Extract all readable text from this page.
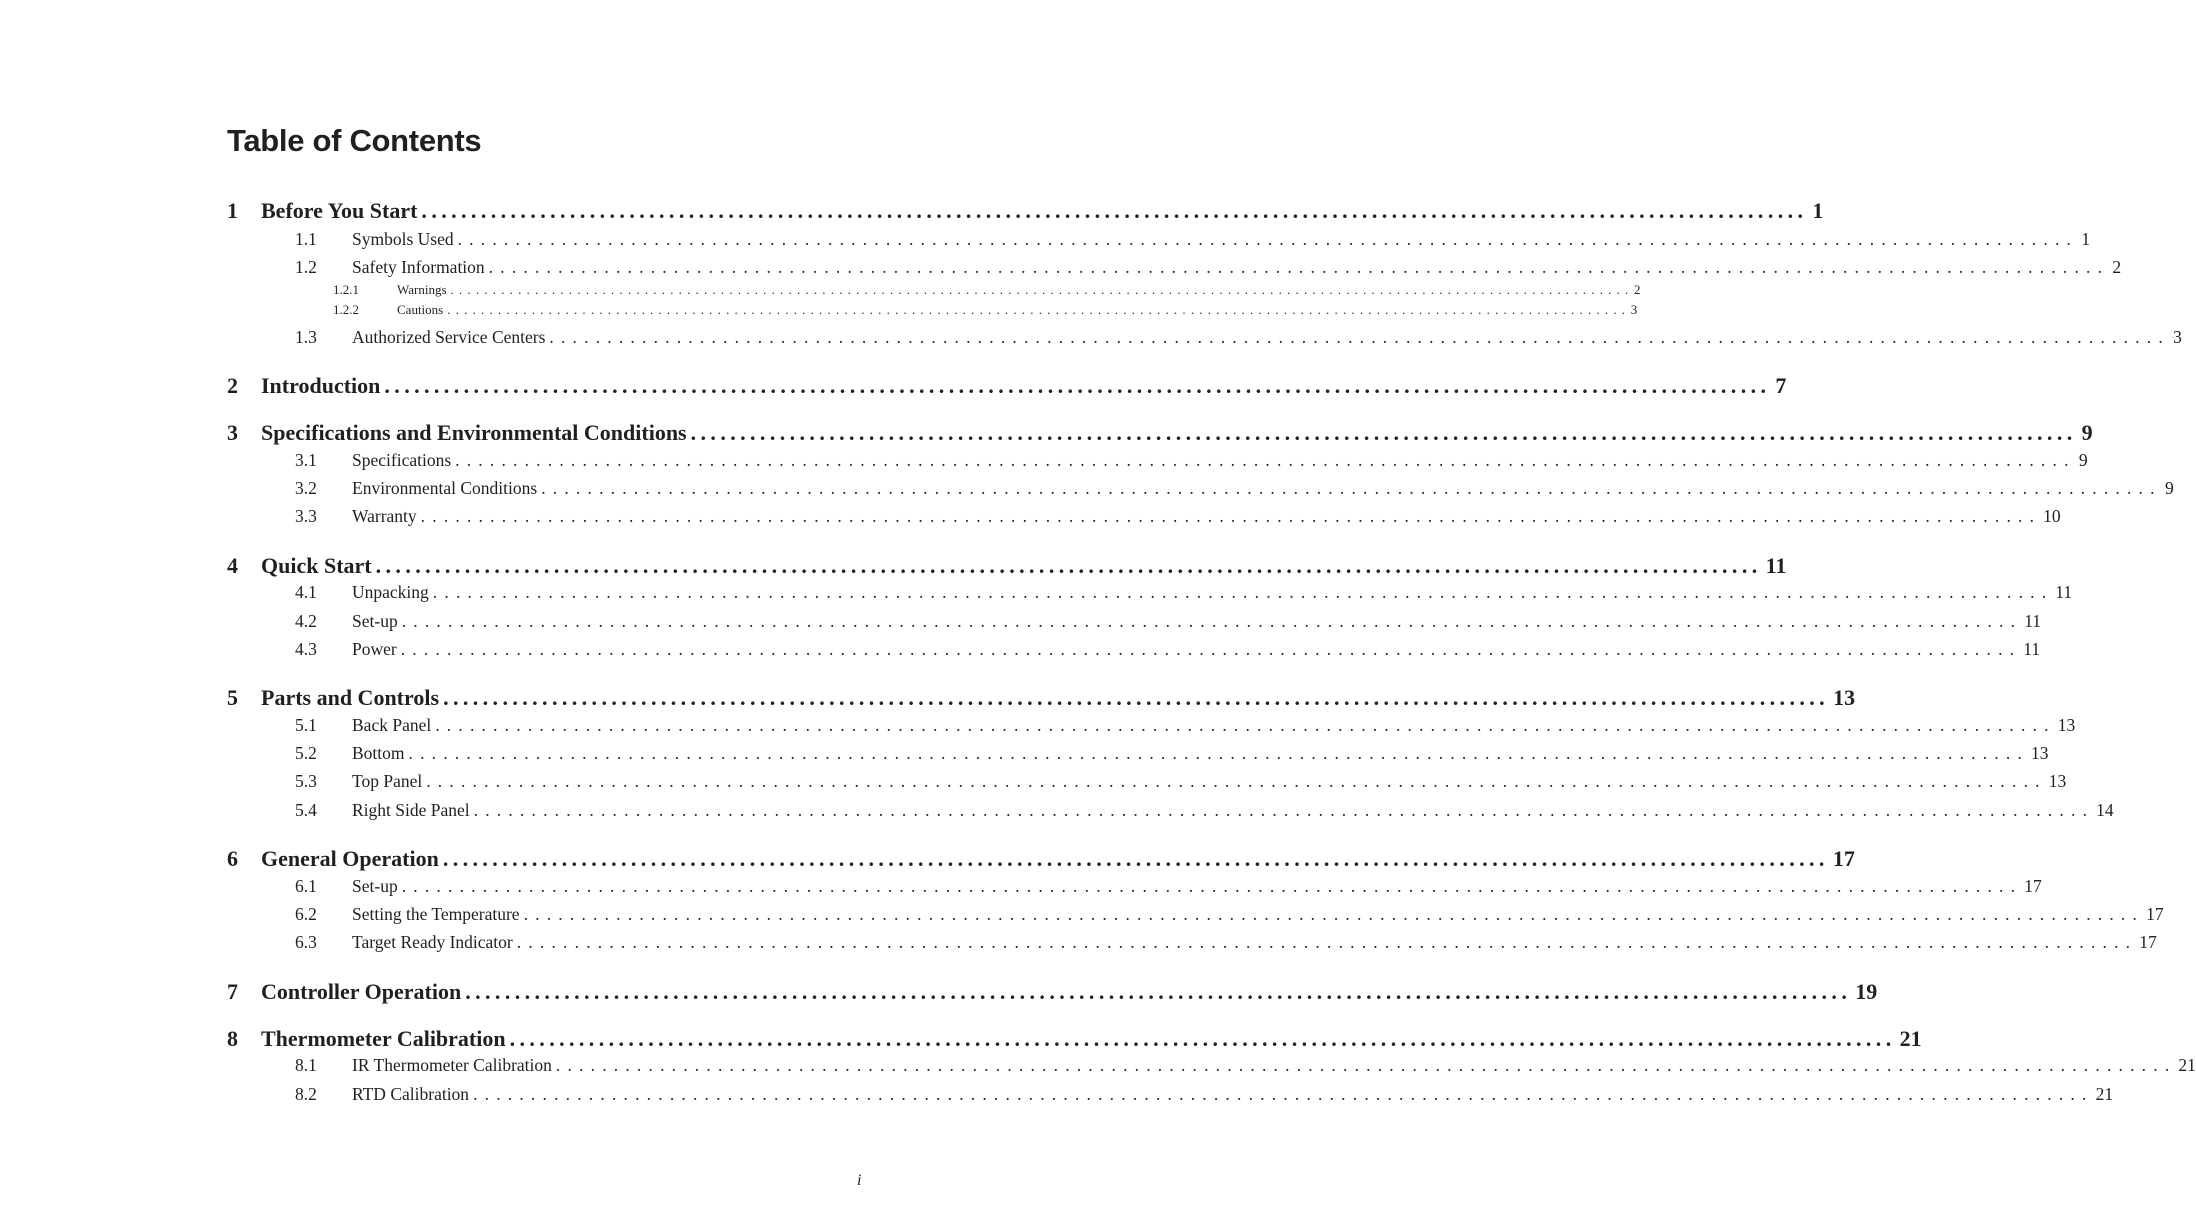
Table of Contents
1	Before You Start ............................................................................................................................................ 1
1.1	Symbols Used ............................................................................................................................................ 1
1.2	Safety Information ............................................................................................................................................ 2
1.2.1	Warnings ............................................................................................................................................ 2
1.2.2	Cautions ............................................................................................................................................ 3
1.3	Authorized Service Centers ............................................................................................................................................ 3
2	Introduction ............................................................................................................................................ 7
3	Specifications and Environmental Conditions ............................................................................................................................................ 9
3.1	Specifications ............................................................................................................................................ 9
3.2	Environmental Conditions ............................................................................................................................................ 9
3.3	Warranty ............................................................................................................................................ 10
4	Quick Start ............................................................................................................................................ 11
4.1	Unpacking ............................................................................................................................................ 11
4.2	Set-up ............................................................................................................................................ 11
4.3	Power ............................................................................................................................................ 11
5	Parts and Controls ............................................................................................................................................ 13
5.1	Back Panel ............................................................................................................................................ 13
5.2	Bottom ............................................................................................................................................ 13
5.3	Top Panel ............................................................................................................................................ 13
5.4	Right Side Panel ............................................................................................................................................ 14
6	General Operation ............................................................................................................................................ 17
6.1	Set-up ............................................................................................................................................ 17
6.2	Setting the Temperature ............................................................................................................................................ 17
6.3	Target Ready Indicator ............................................................................................................................................ 17
7	Controller Operation ............................................................................................................................................ 19
8	Thermometer Calibration ............................................................................................................................................ 21
8.1	IR Thermometer Calibration ............................................................................................................................................ 21
8.2	RTD Calibration ............................................................................................................................................ 21
i
